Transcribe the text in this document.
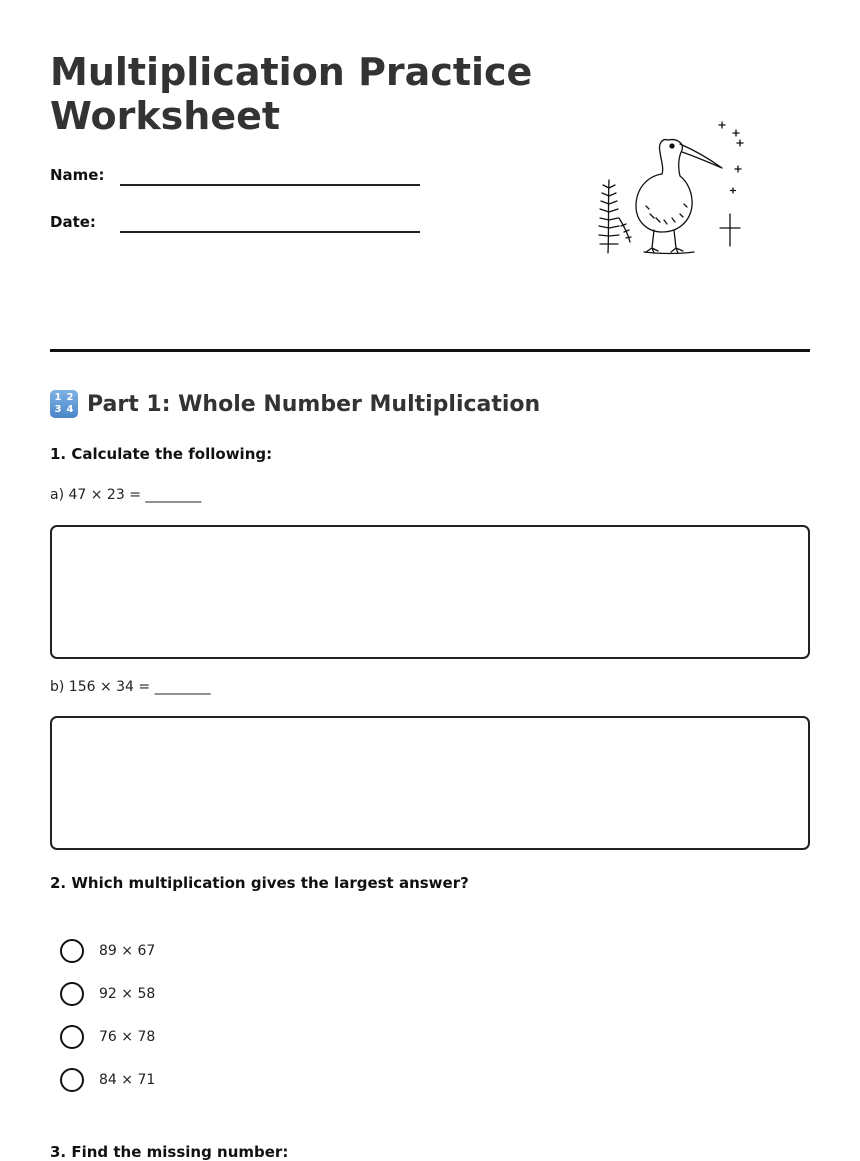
Multiplication Practice Worksheet
Name:
Date:
1 2
3 4 Part 1: Whole Number Multiplication
1. Calculate the following:
a) 47 × 23 = ________
b) 156 × 34 = ________
2. Which multiplication gives the largest answer?
89 × 67
92 × 58
76 × 78
84 × 71
3. Find the missing number:
